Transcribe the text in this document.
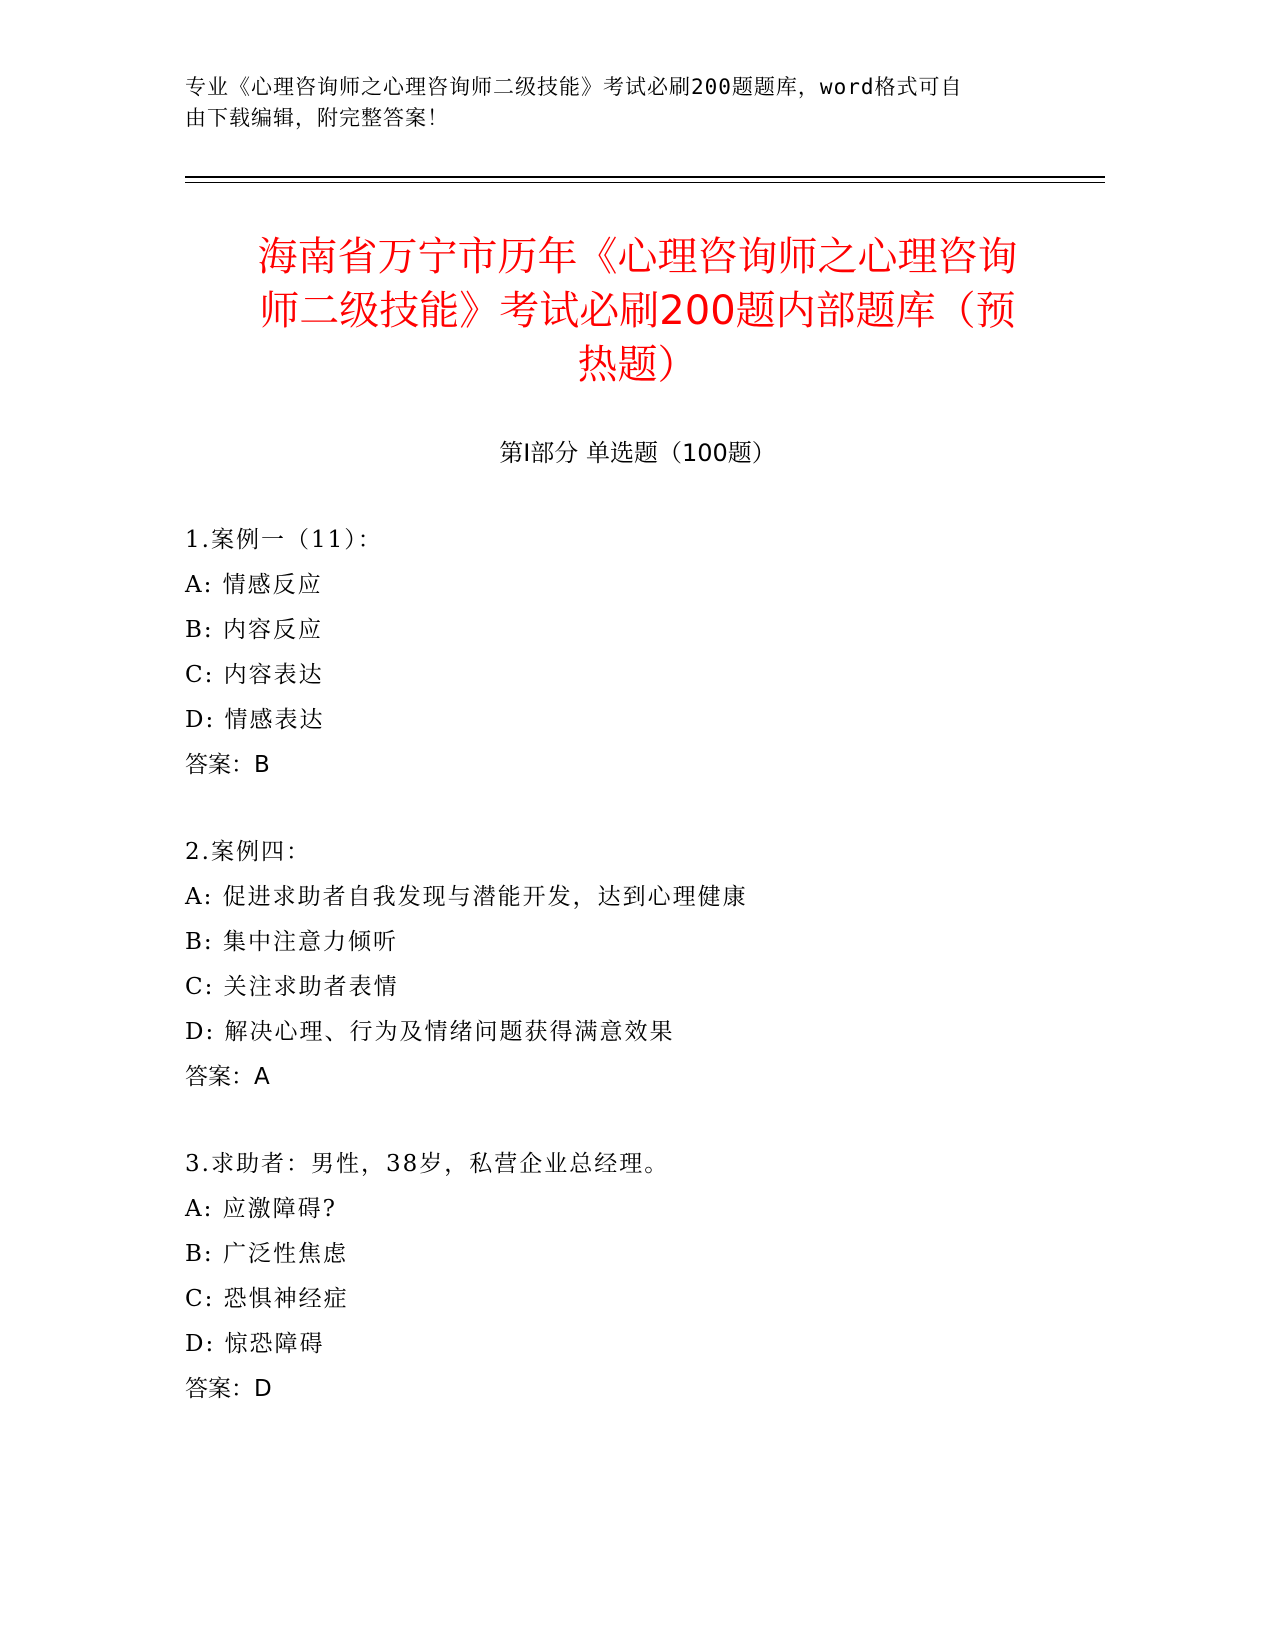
专业《心理咨询师之心理咨询师二级技能》考试必刷200题题库，word格式可自
由下载编辑，附完整答案！
海南省万宁市历年《心理咨询师之心理咨询
师二级技能》考试必刷200题内部题库（预
热题）
第Ⅰ部分 单选题（100题）
1.案例一（11）：
A: 情感反应
B: 内容反应
C: 内容表达
D: 情感表达
答案：B
2.案例四：
A: 促进求助者自我发现与潜能开发，达到心理健康
B: 集中注意力倾听
C: 关注求助者表情
D: 解决心理、行为及情绪问题获得满意效果
答案：A
3.求助者：男性，38岁，私营企业总经理。
A: 应激障碍?
B: 广泛性焦虑
C: 恐惧神经症
D: 惊恐障碍
答案：D
